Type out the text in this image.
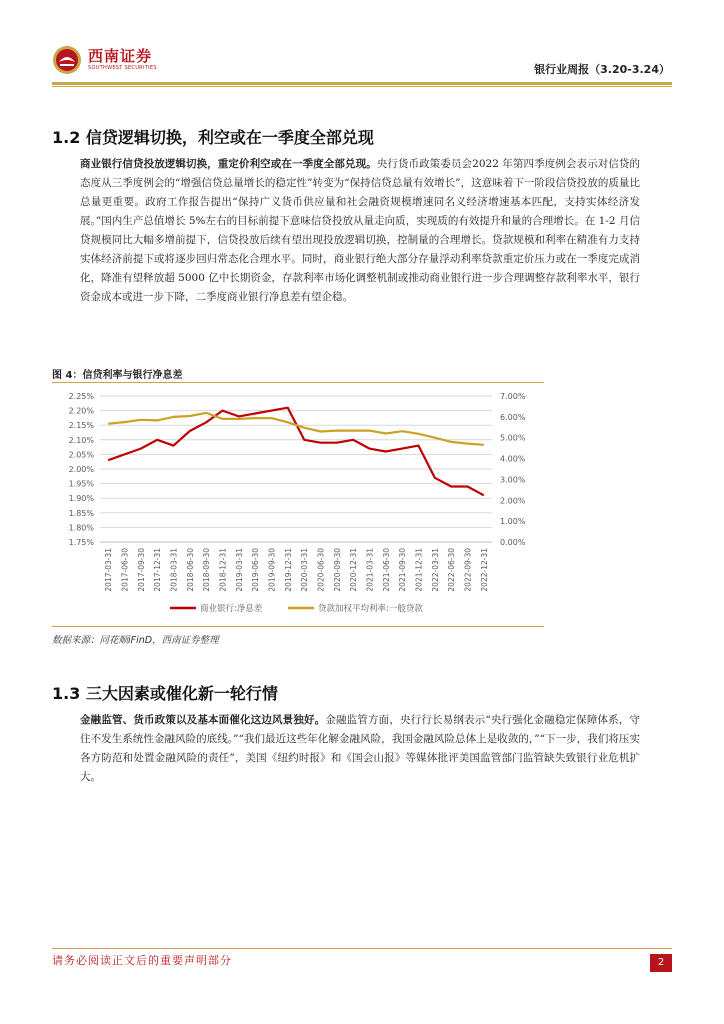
西南证券
SOUTHWEST SECURITIES	银行业周报（3.20-3.24）
1.2 信贷逻辑切换，利空或在一季度全部兑现
商业银行信贷投放逻辑切换，重定价利空或在一季度全部兑现。央行货币政策委员会2022 年第四季度例会表示对信贷的态度从三季度例会的“增强信贷总量增长的稳定性”转变为“保持信贷总量有效增长”，这意味着下一阶段信贷投放的质量比总量更重要。政府工作报告提出“保持广义货币供应量和社会融资规模增速同名义经济增速基本匹配，支持实体经济发展。”国内生产总值增长 5%左右的目标前提下意味信贷投放从量走向质，实现质的有效提升和量的合理增长。在 1-2 月信贷规模同比大幅多增前提下，信贷投放后续有望出现投放逻辑切换，控制量的合理增长。贷款规模和利率在精准有力支持实体经济前提下或将逐步回归常态化合理水平。同时，商业银行绝大部分存量浮动利率贷款重定价压力或在一季度完成消化，降准有望释放超 5000 亿中长期资金，存款利率市场化调整机制或推动商业银行进一步合理调整存款利率水平，银行资金成本或进一步下降，二季度商业银行净息差有望企稳。
图 4：信贷利率与银行净息差
1.75%
1.80%
1.85%
1.90%
1.95%
2.00%
2.05%
2.10%
2.15%
2.20%
2.25%
0.00%
1.00%
2.00%
3.00%
4.00%
5.00%
6.00%
7.00%
2017-03-31 2017-06-30 2017-09-30 2017-12-31 2018-03-31 2018-06-30 2018-09-30 2018-12-31 2019-03-31 2019-06-30 2019-09-30 2019-12-31 2020-03-31 2020-06-30 2020-09-30 2020-12-31 2021-03-31 2021-06-30 2021-09-30 2021-12-31 2022-03-31 2022-06-30 2022-09-30 2022-12-31
商业银行:净息差	贷款加权平均利率:一般贷款
数据来源：同花顺iFinD，西南证券整理
1.3 三大因素或催化新一轮行情
金融监管、货币政策以及基本面催化这边风景独好。金融监管方面，央行行长易纲表示“央行强化金融稳定保障体系，守住不发生系统性金融风险的底线。”“我们最近这些年化解金融风险，我国金融风险总体上是收敛的，”“下一步，我们将压实各方防范和处置金融风险的责任”，美国《纽约时报》和《国会山报》等媒体批评美国监管部门监管缺失致银行业危机扩大。
请务必阅读正文后的重要声明部分	2
